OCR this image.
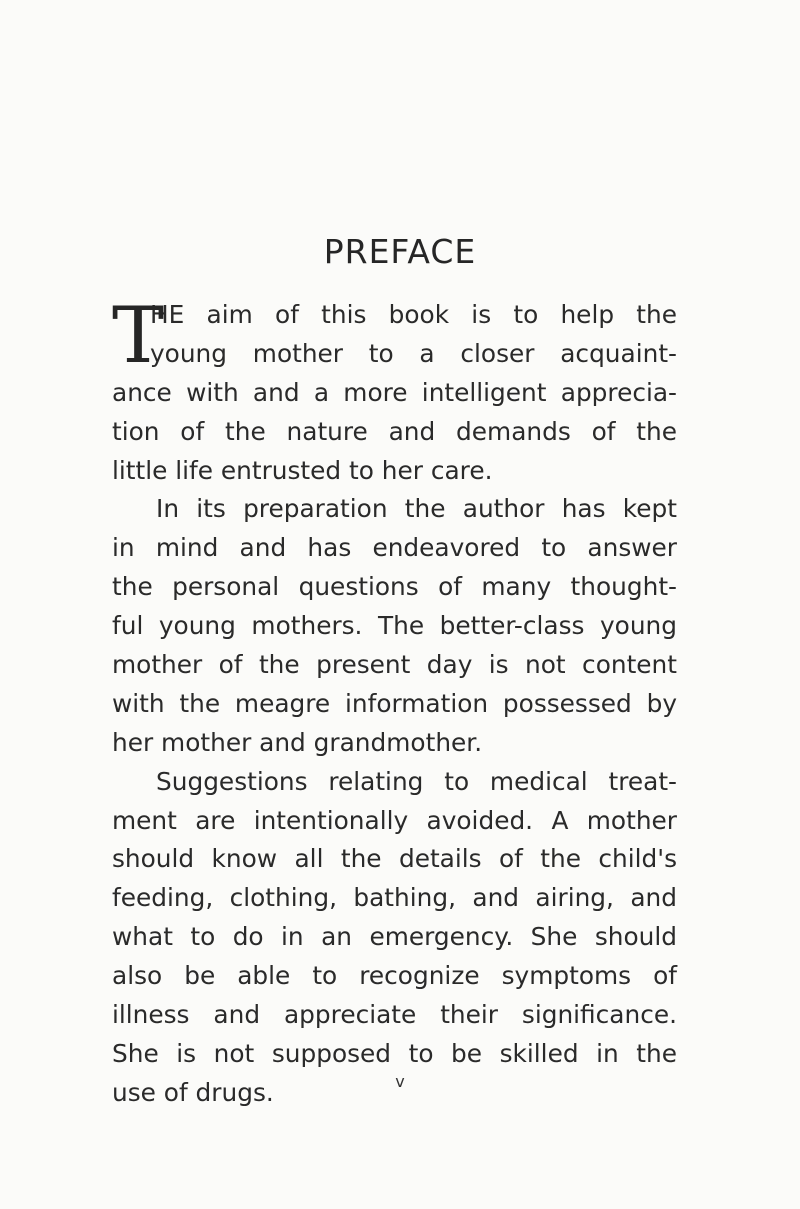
PREFACE
T
HE aim of this book is to help the
young mother to a closer acquaint-
ance with and a more intelligent apprecia-
tion of the nature and demands of the
little life entrusted to her care.
In its preparation the author has kept
in mind and has endeavored to answer
the personal questions of many thought-
ful young mothers. The better-class young
mother of the present day is not content
with the meagre information possessed by
her mother and grandmother.
Suggestions relating to medical treat-
ment are intentionally avoided. A mother
should know all the details of the child's
feeding, clothing, bathing, and airing, and
what to do in an emergency. She should
also be able to recognize symptoms of
illness and appreciate their significance.
She is not supposed to be skilled in the
use of drugs.	v
